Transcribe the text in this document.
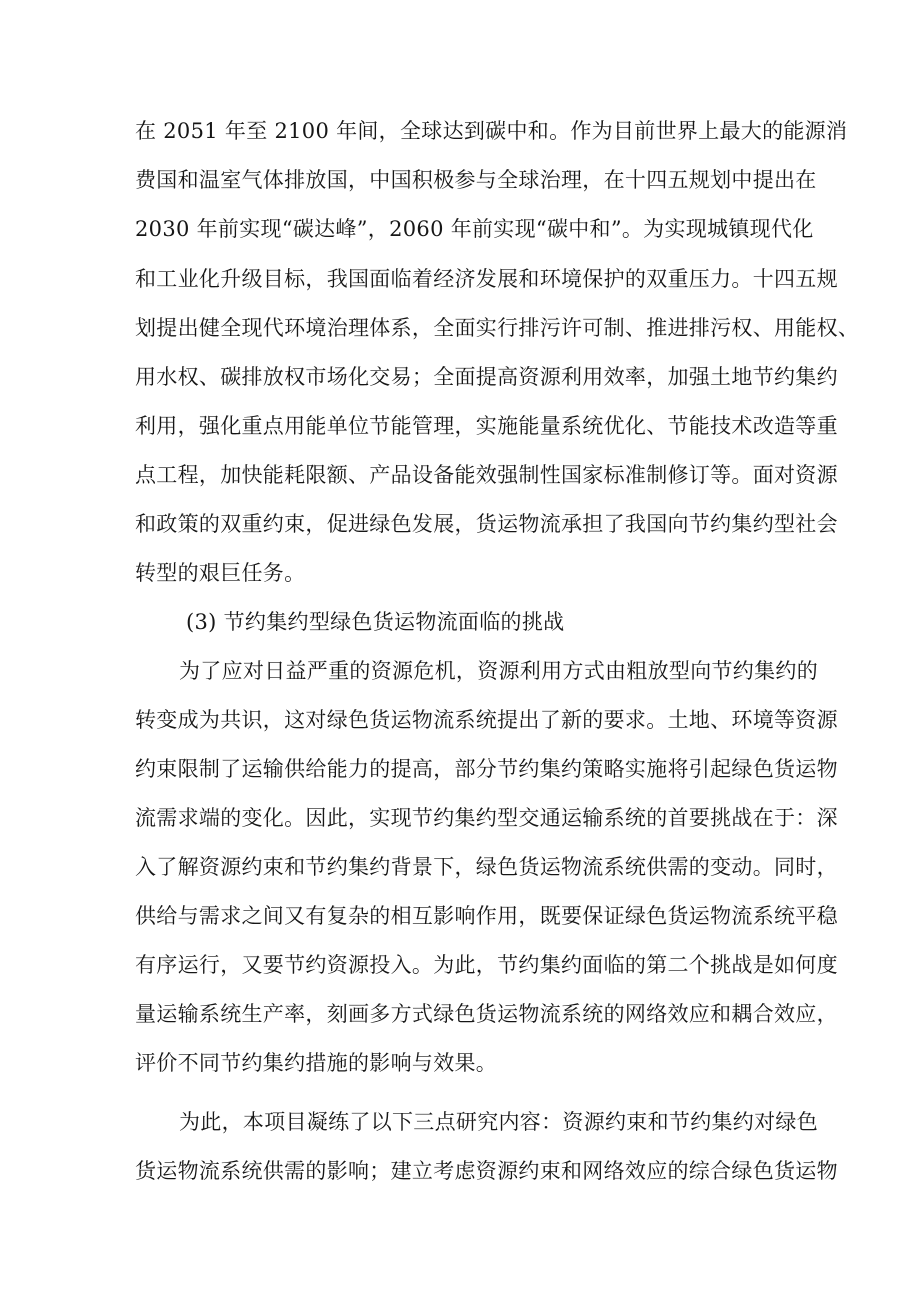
在 2051 年至 2100 年间，全球达到碳中和。作为目前世界上最大的能源消
费国和温室气体排放国，中国积极参与全球治理，在十四五规划中提出在
2030 年前实现“碳达峰”，2060 年前实现“碳中和”。为实现城镇现代化
和工业化升级目标，我国面临着经济发展和环境保护的双重压力。十四五规
划提出健全现代环境治理体系，全面实行排污许可制、推进排污权、用能权、
用水权、碳排放权市场化交易；全面提高资源利用效率，加强土地节约集约
利用，强化重点用能单位节能管理，实施能量系统优化、节能技术改造等重
点工程，加快能耗限额、产品设备能效强制性国家标准制修订等。面对资源
和政策的双重约束，促进绿色发展，货运物流承担了我国向节约集约型社会
转型的艰巨任务。
(3) 节约集约型绿色货运物流面临的挑战
为了应对日益严重的资源危机，资源利用方式由粗放型向节约集约的
转变成为共识，这对绿色货运物流系统提出了新的要求。土地、环境等资源
约束限制了运输供给能力的提高，部分节约集约策略实施将引起绿色货运物
流需求端的变化。因此，实现节约集约型交通运输系统的首要挑战在于：深
入了解资源约束和节约集约背景下，绿色货运物流系统供需的变动。同时，
供给与需求之间又有复杂的相互影响作用，既要保证绿色货运物流系统平稳
有序运行，又要节约资源投入。为此，节约集约面临的第二个挑战是如何度
量运输系统生产率，刻画多方式绿色货运物流系统的网络效应和耦合效应，
评价不同节约集约措施的影响与效果。
为此，本项目凝练了以下三点研究内容：资源约束和节约集约对绿色
货运物流系统供需的影响；建立考虑资源约束和网络效应的综合绿色货运物
